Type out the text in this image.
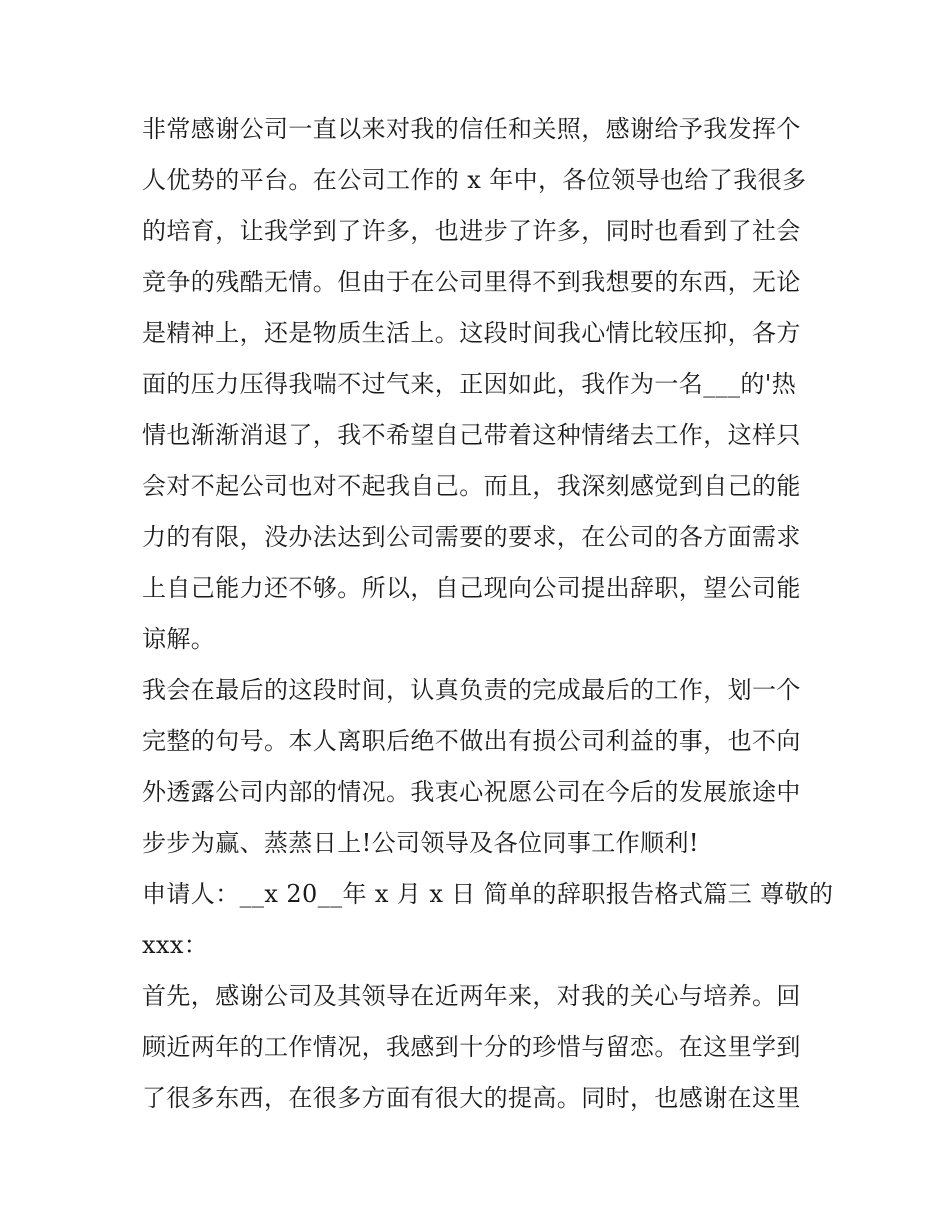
非常感谢公司一直以来对我的信任和关照，感谢给予我发挥个
人优势的平台。在公司工作的 x 年中，各位领导也给了我很多
的培育，让我学到了许多，也进步了许多，同时也看到了社会
竞争的残酷无情。但由于在公司里得不到我想要的东西，无论
是精神上，还是物质生活上。这段时间我心情比较压抑，各方
面的压力压得我喘不过气来，正因如此，我作为一名___的'热
情也渐渐消退了，我不希望自己带着这种情绪去工作，这样只
会对不起公司也对不起我自己。而且，我深刻感觉到自己的能
力的有限，没办法达到公司需要的要求，在公司的各方面需求
上自己能力还不够。所以，自己现向公司提出辞职，望公司能
谅解。
我会在最后的这段时间，认真负责的完成最后的工作，划一个
完整的句号。本人离职后绝不做出有损公司利益的事，也不向
外透露公司内部的情况。我衷心祝愿公司在今后的发展旅途中
步步为赢、蒸蒸日上!公司领导及各位同事工作顺利!
申请人：__x 20__年 x 月 x 日 简单的辞职报告格式篇三 尊敬的
xxx：
首先，感谢公司及其领导在近两年来，对我的关心与培养。回
顾近两年的工作情况，我感到十分的珍惜与留恋。在这里学到
了很多东西，在很多方面有很大的提高。同时，也感谢在这里
